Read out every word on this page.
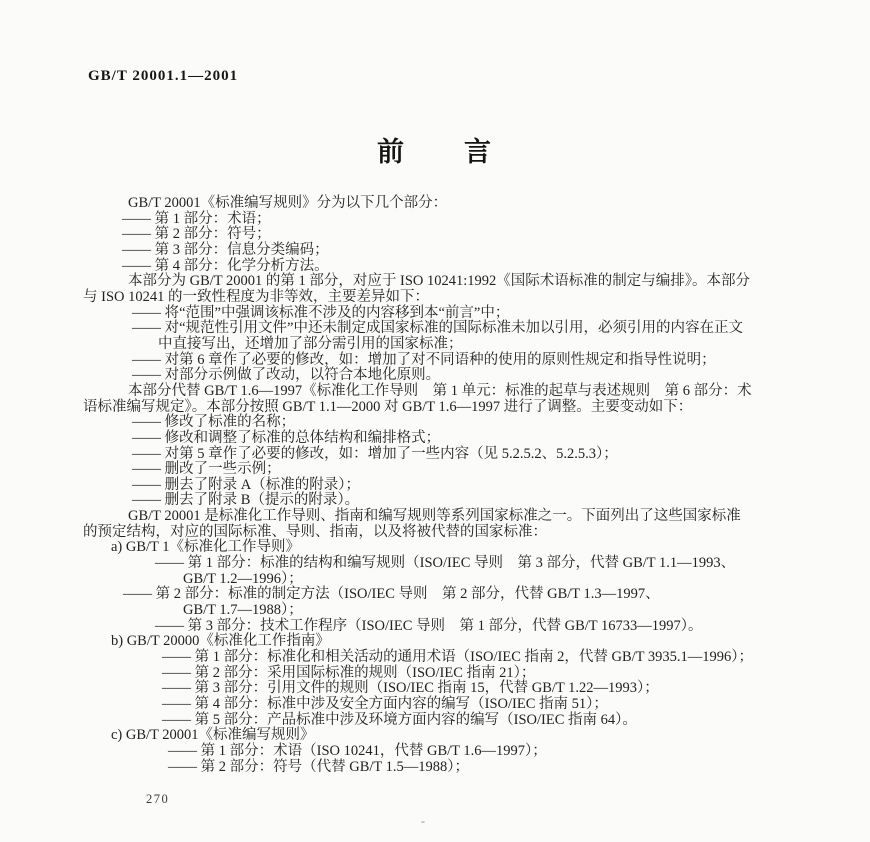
GB/T 20001.1—2001
前　　言
GB/T 20001《标准编写规则》分为以下几个部分：
—— 第 1 部分：术语；
—— 第 2 部分：符号；
—— 第 3 部分：信息分类编码；
—— 第 4 部分：化学分析方法。
本部分为 GB/T 20001 的第 1 部分，对应于 ISO 10241:1992《国际术语标准的制定与编排》。本部分
与 ISO 10241 的一致性程度为非等效，主要差异如下：
—— 将“范围”中强调该标准不涉及的内容移到本“前言”中；
—— 对“规范性引用文件”中还未制定成国家标准的国际标准未加以引用，必须引用的内容在正文
中直接写出，还增加了部分需引用的国家标准；
—— 对第 6 章作了必要的修改，如：增加了对不同语种的使用的原则性规定和指导性说明；
—— 对部分示例做了改动，以符合本地化原则。
本部分代替 GB/T 1.6—1997《标准化工作导则　第 1 单元：标准的起草与表述规则　第 6 部分：术
语标准编写规定》。本部分按照 GB/T 1.1—2000 对 GB/T 1.6—1997 进行了调整。主要变动如下：
—— 修改了标准的名称；
—— 修改和调整了标准的总体结构和编排格式；
—— 对第 5 章作了必要的修改，如：增加了一些内容（见 5.2.5.2、5.2.5.3）；
—— 删改了一些示例；
—— 删去了附录 A（标准的附录）；
—— 删去了附录 B（提示的附录）。
GB/T 20001 是标准化工作导则、指南和编写规则等系列国家标准之一。下面列出了这些国家标准
的预定结构，对应的国际标准、导则、指南，以及将被代替的国家标准：
a) GB/T 1《标准化工作导则》
—— 第 1 部分：标准的结构和编写规则（ISO/IEC 导则　第 3 部分，代替 GB/T 1.1—1993、
GB/T 1.2—1996）；
—— 第 2 部分：标准的制定方法（ISO/IEC 导则　第 2 部分，代替 GB/T 1.3—1997、
GB/T 1.7—1988）；
—— 第 3 部分：技术工作程序（ISO/IEC 导则　第 1 部分，代替 GB/T 16733—1997）。
b) GB/T 20000《标准化工作指南》
—— 第 1 部分：标准化和相关活动的通用术语（ISO/IEC 指南 2，代替 GB/T 3935.1—1996）；
—— 第 2 部分：采用国际标准的规则（ISO/IEC 指南 21）；
—— 第 3 部分：引用文件的规则（ISO/IEC 指南 15，代替 GB/T 1.22—1993）；
—— 第 4 部分：标准中涉及安全方面内容的编写（ISO/IEC 指南 51）；
—— 第 5 部分：产品标准中涉及环境方面内容的编写（ISO/IEC 指南 64）。
c) GB/T 20001《标准编写规则》
—— 第 1 部分：术语（ISO 10241，代替 GB/T 1.6—1997）；
—— 第 2 部分：符号（代替 GB/T 1.5—1988）；
270
-
